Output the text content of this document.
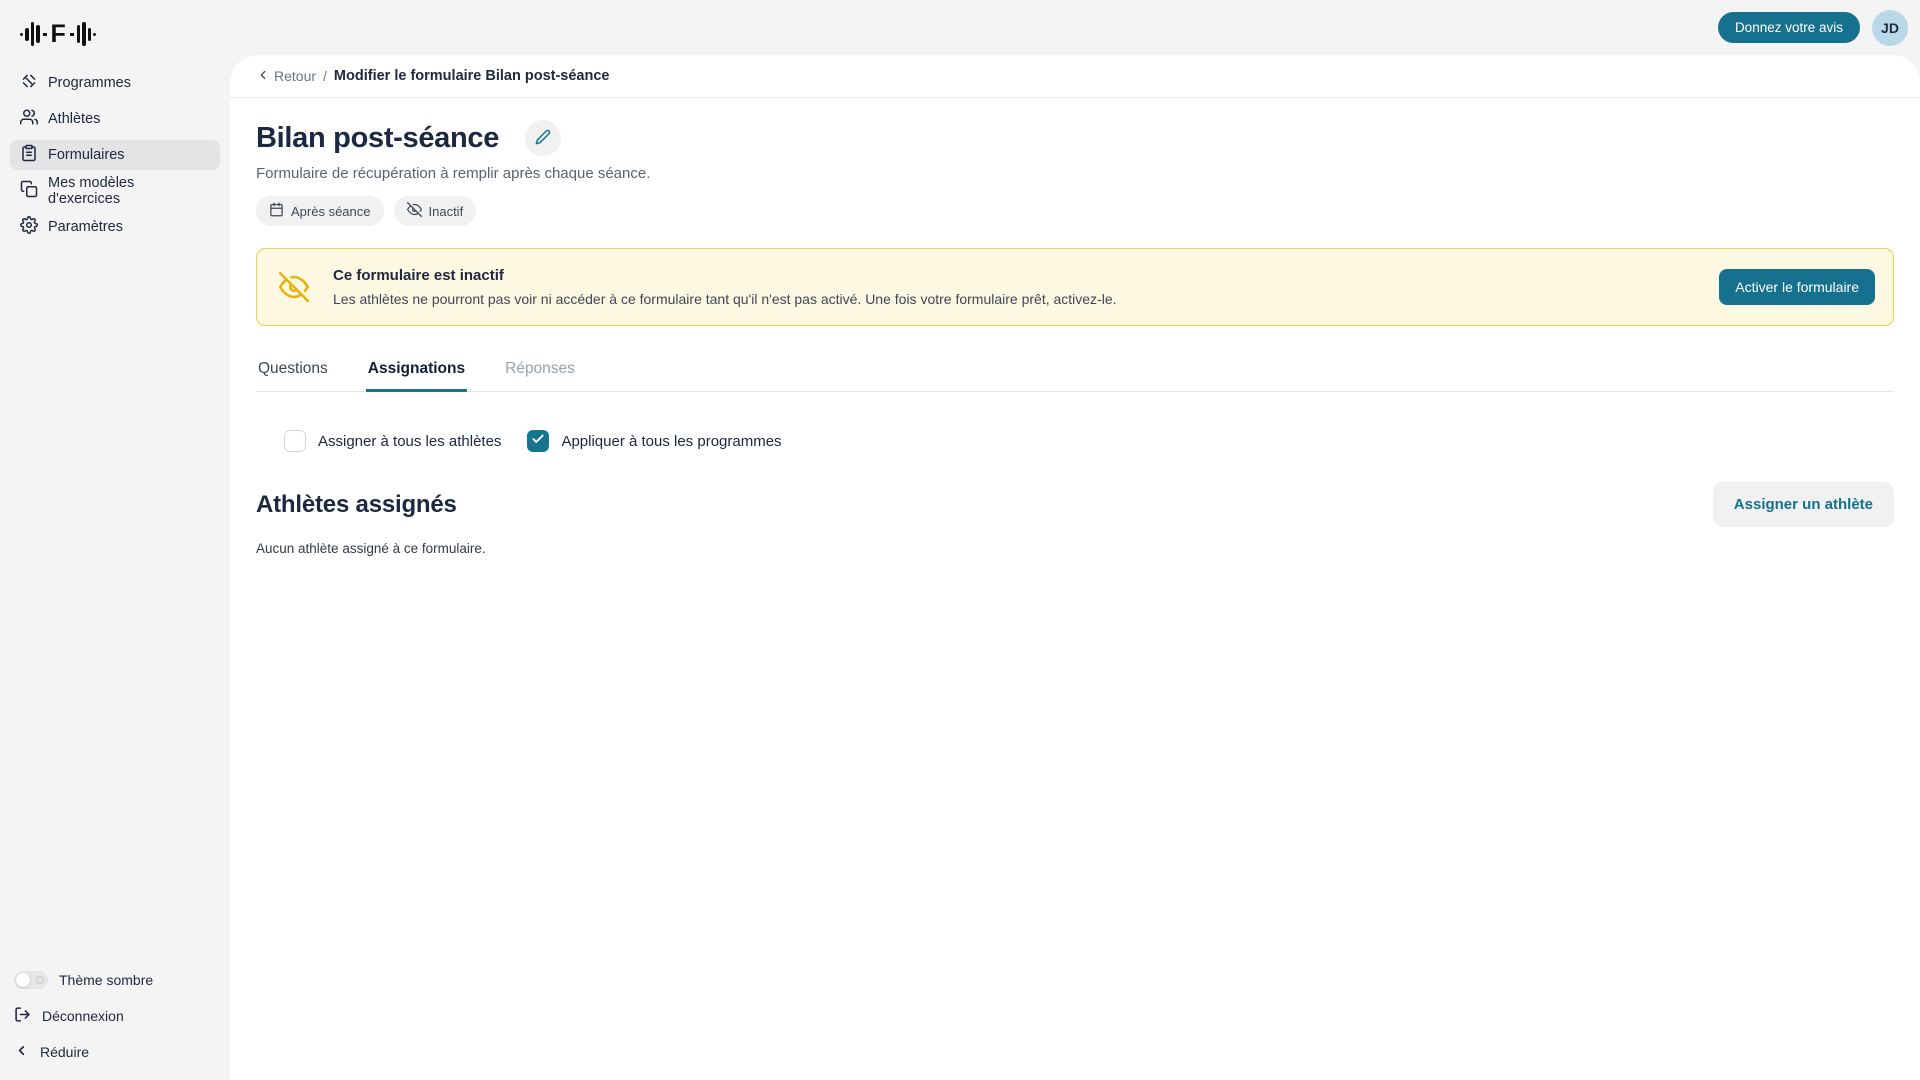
F
Programmes
Athlètes
Formulaires
Mes modèles d'exercices
Paramètres
Thème sombre
Déconnexion
Réduire
Donnez votre avis	JD
Retour / Modifier le formulaire Bilan post-séance
Bilan post-séance
Formulaire de récupération à remplir après chaque séance.
Après séance	Inactif
Ce formulaire est inactif
Les athlètes ne pourront pas voir ni accéder à ce formulaire tant qu'il n'est pas activé. Une fois votre formulaire prêt, activez-le.
Activer le formulaire
Questions	Assignations	Réponses
Assigner à tous les athlètes	Appliquer à tous les programmes
Athlètes assignés	Assigner un athlète
Aucun athlète assigné à ce formulaire.
